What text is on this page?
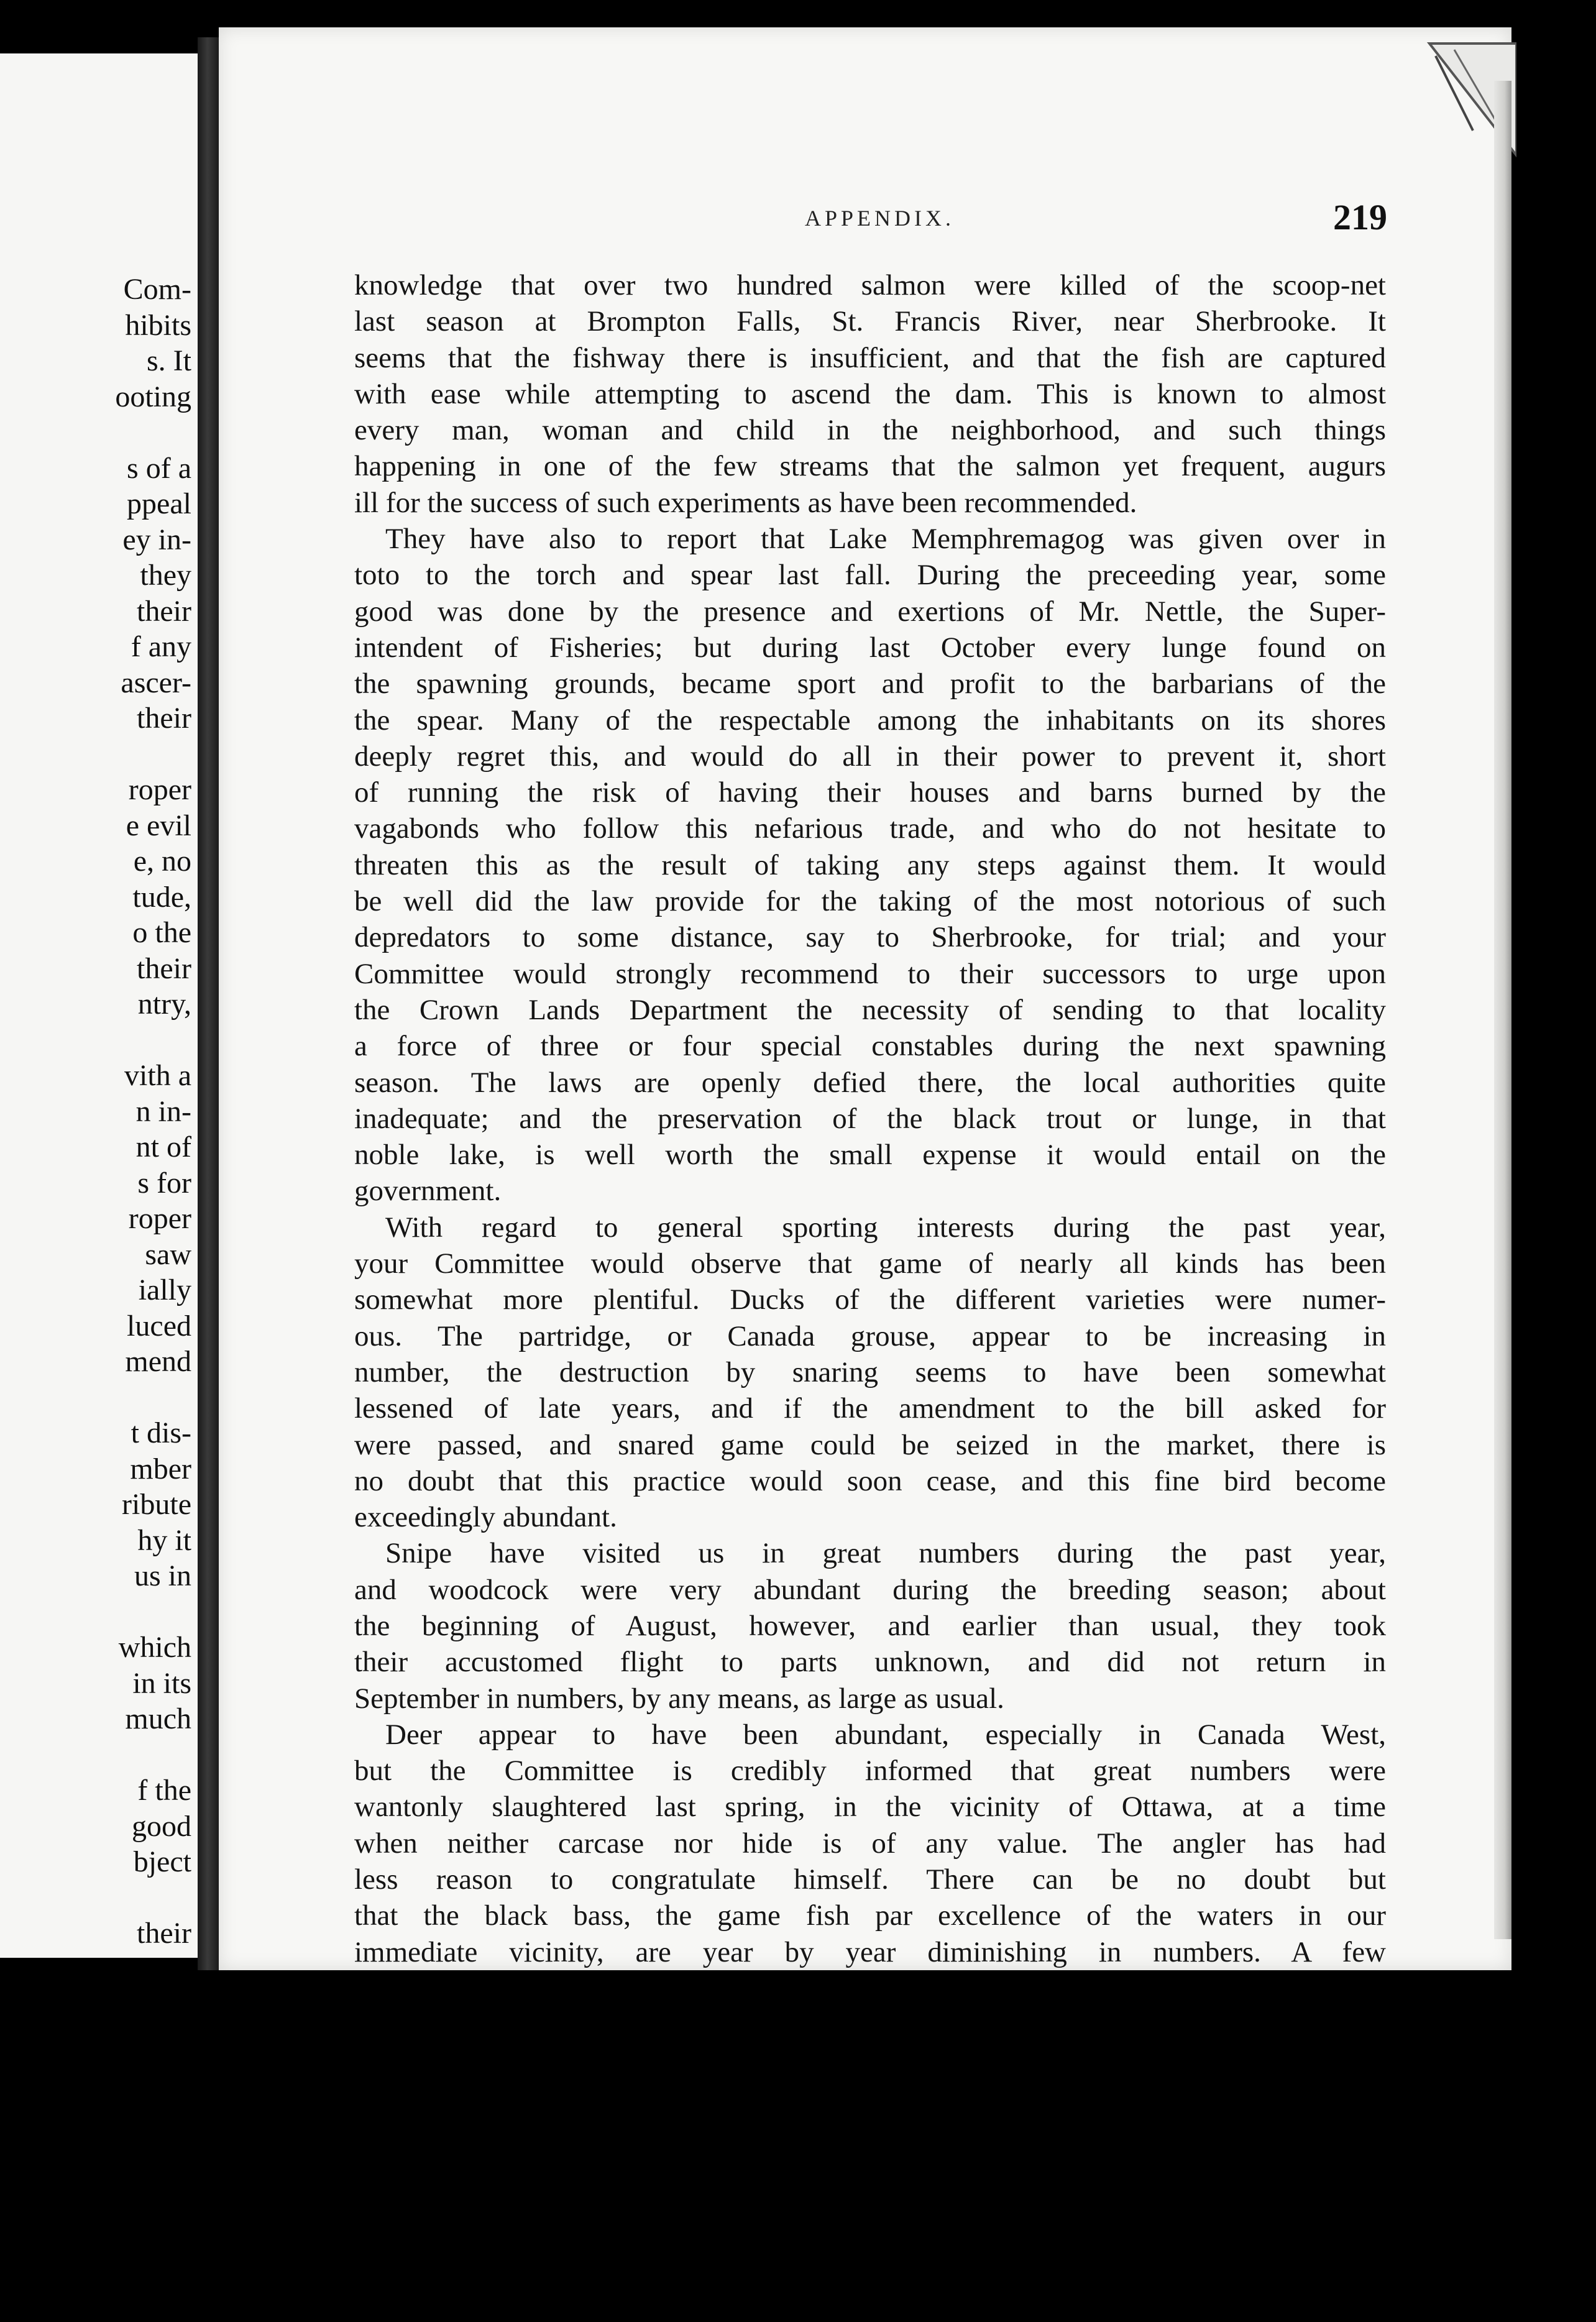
Com-
hibits
s. It
ooting
s of a
ppeal
ey in-
they
their
f any
ascer-
their
roper
e evil
e, no
tude,
o the
their
ntry,
vith a
n in-
nt of
s for
roper
saw
ially
luced
mend
t dis-
mber
ribute
hy it
us in
which
in its
much
f the
good
bject
their
APPENDIX.	219
knowledge that over two hundred salmon were killed of the scoop-net
last season at Brompton Falls, St. Francis River, near Sherbrooke. It
seems that the fishway there is insufficient, and that the fish are captured
with ease while attempting to ascend the dam. This is known to almost
every man, woman and child in the neighborhood, and such things
happening in one of the few streams that the salmon yet frequent, augurs
ill for the success of such experiments as have been recommended.
They have also to report that Lake Memphremagog was given over in
toto to the torch and spear last fall. During the preceeding year, some
good was done by the presence and exertions of Mr. Nettle, the Super-
intendent of Fisheries; but during last October every lunge found on
the spawning grounds, became sport and profit to the barbarians of the
the spear. Many of the respectable among the inhabitants on its shores
deeply regret this, and would do all in their power to prevent it, short
of running the risk of having their houses and barns burned by the
vagabonds who follow this nefarious trade, and who do not hesitate to
threaten this as the result of taking any steps against them. It would
be well did the law provide for the taking of the most notorious of such
depredators to some distance, say to Sherbrooke, for trial; and your
Committee would strongly recommend to their successors to urge upon
the Crown Lands Department the necessity of sending to that locality
a force of three or four special constables during the next spawning
season. The laws are openly defied there, the local authorities quite
inadequate; and the preservation of the black trout or lunge, in that
noble lake, is well worth the small expense it would entail on the
government.
With regard to general sporting interests during the past year,
your Committee would observe that game of nearly all kinds has been
somewhat more plentiful. Ducks of the different varieties were numer-
ous. The partridge, or Canada grouse, appear to be increasing in
number, the destruction by snaring seems to have been somewhat
lessened of late years, and if the amendment to the bill asked for
were passed, and snared game could be seized in the market, there is
no doubt that this practice would soon cease, and this fine bird become
exceedingly abundant.
Snipe have visited us in great numbers during the past year,
and woodcock were very abundant during the breeding season; about
the beginning of August, however, and earlier than usual, they took
their accustomed flight to parts unknown, and did not return in
September in numbers, by any means, as large as usual.
Deer appear to have been abundant, especially in Canada West,
but the Committee is credibly informed that great numbers were
wantonly slaughtered last spring, in the vicinity of Ottawa, at a time
when neither carcase nor hide is of any value. The angler has had
less reason to congratulate himself. There can be no doubt but
that the black bass, the game fish par excellence of the waters in our
immediate vicinity, are year by year diminishing in numbers. A few
